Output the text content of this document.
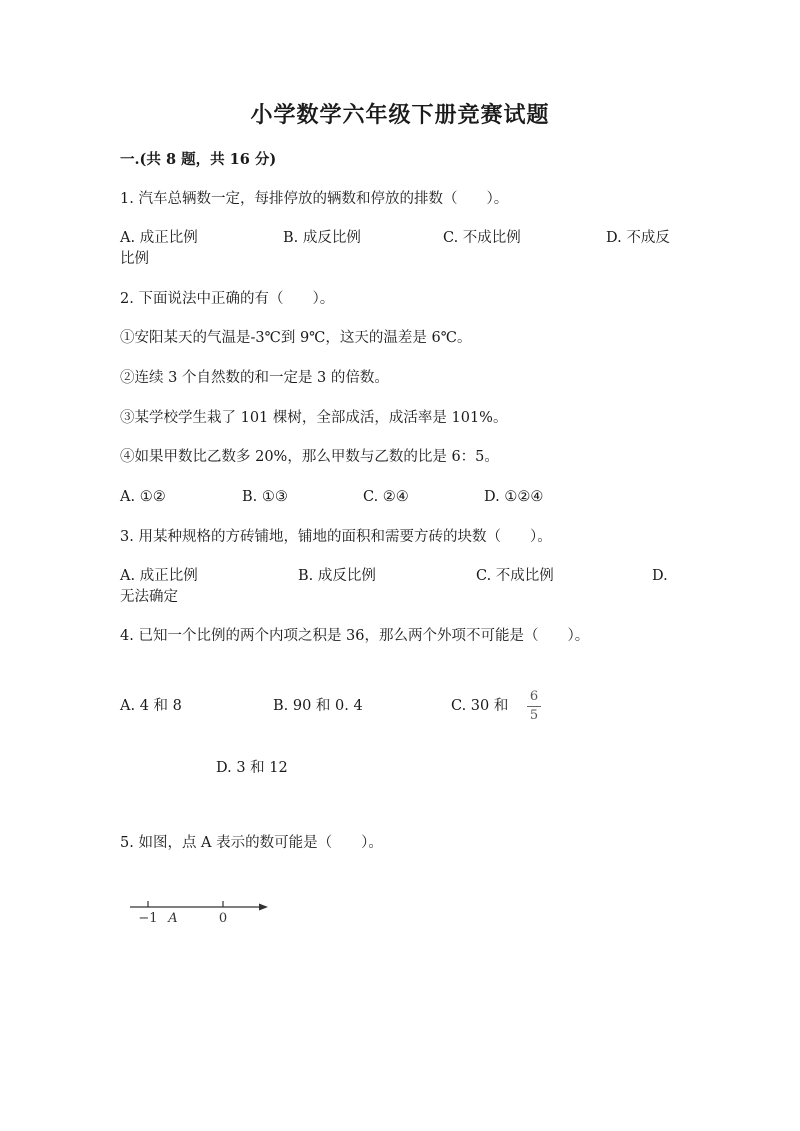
小学数学六年级下册竞赛试题
一.(共 8 题，共 16 分)
1. 汽车总辆数一定，每排停放的辆数和停放的排数（　　）。
A. 成正比例	B. 成反比例	C. 不成比例	D. 不成反
比例
2. 下面说法中正确的有（　　）。
①安阳某天的气温是-3℃到 9℃，这天的温差是 6℃。
②连续 3 个自然数的和一定是 3 的倍数。
③某学校学生栽了 101 棵树，全部成活，成活率是 101%。
④如果甲数比乙数多 20%，那么甲数与乙数的比是 6：5。
A. ①②	B. ①③	C. ②④	D. ①②④
3. 用某种规格的方砖铺地，铺地的面积和需要方砖的块数（　　）。
A. 成正比例	B. 成反比例	C. 不成比例	D.
无法确定
4. 已知一个比例的两个内项之积是 36，那么两个外项不可能是（　　）。
A. 4 和 8	B. 90 和 0. 4	C. 30 和
6
5
D. 3 和 12
5. 如图，点 A 表示的数可能是（　　）。
−1 A	0
